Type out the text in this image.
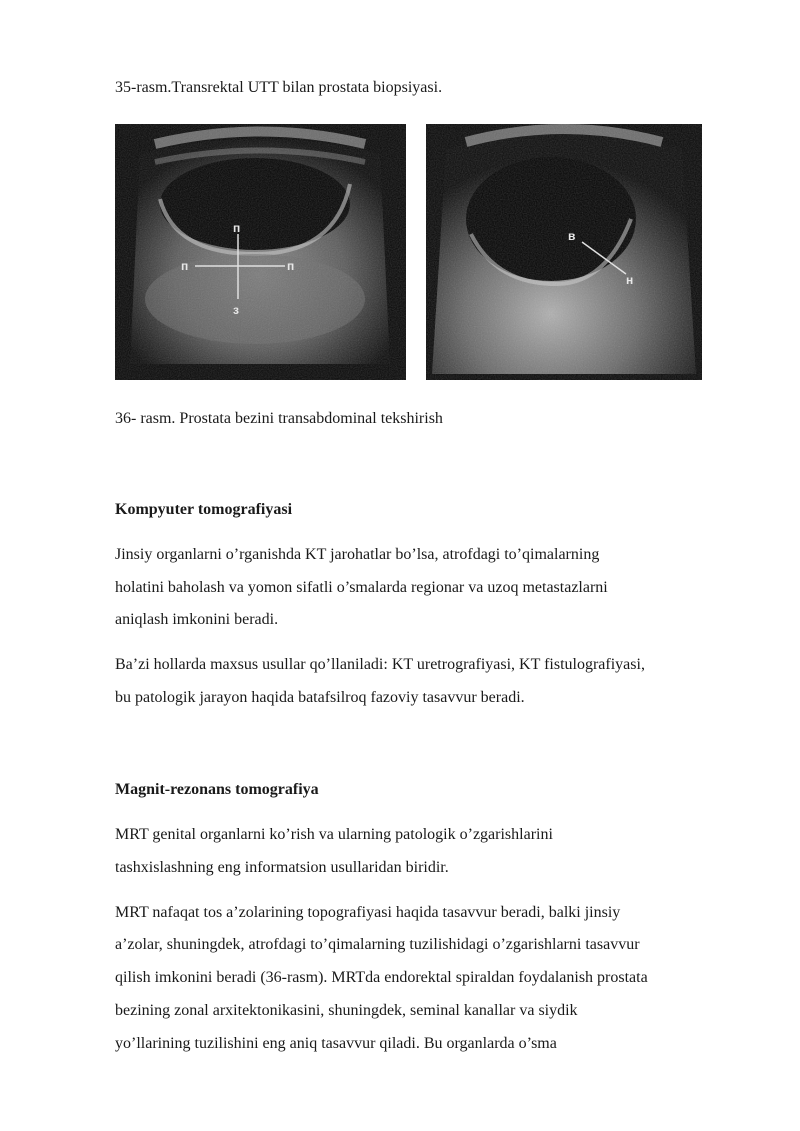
35-rasm.Transrektal UTT bilan prostata biopsiyasi.
п
п	п
з
в
н
36- rasm. Prostata bezini transabdominal tekshirish
Kompyuter tomografiyasi
Jinsiy organlarni o’rganishda KT jarohatlar bo’lsa, atrofdagi to’qimalarning
holatini baholash va yomon sifatli o’smalarda regionar va uzoq metastazlarni
aniqlash imkonini beradi.
Ba’zi hollarda maxsus usullar qo’llaniladi: KT uretrografiyasi, KT fistulografiyasi,
bu patologik jarayon haqida batafsilroq fazoviy tasavvur beradi.
Magnit-rezonans tomografiya
MRT genital organlarni ko’rish va ularning patologik o’zgarishlarini
tashxislashning eng informatsion usullaridan biridir.
MRT nafaqat tos a’zolarining topografiyasi haqida tasavvur beradi, balki jinsiy
a’zolar, shuningdek, atrofdagi to’qimalarning tuzilishidagi o’zgarishlarni tasavvur
qilish imkonini beradi (36-rasm). MRTda endorektal spiraldan foydalanish prostata
bezining zonal arxitektonikasini, shuningdek, seminal kanallar va siydik
yo’llarining tuzilishini eng aniq tasavvur qiladi. Bu organlarda o’sma
